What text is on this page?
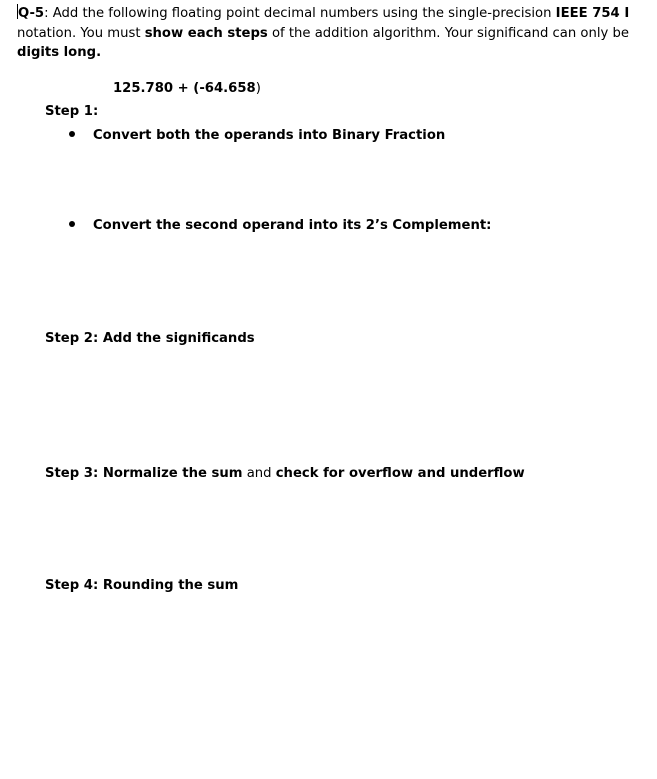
Q-5: Add the following floating point decimal numbers using the single-precision IEEE 754 I
notation. You must show each steps of the addition algorithm. Your significand can only be
digits long.
125.780 + (-64.658)
Step 1:
Convert both the operands into Binary Fraction
Convert the second operand into its 2’s Complement:
Step 2: Add the significands
Step 3: Normalize the sum and check for overflow and underflow
Step 4: Rounding the sum
